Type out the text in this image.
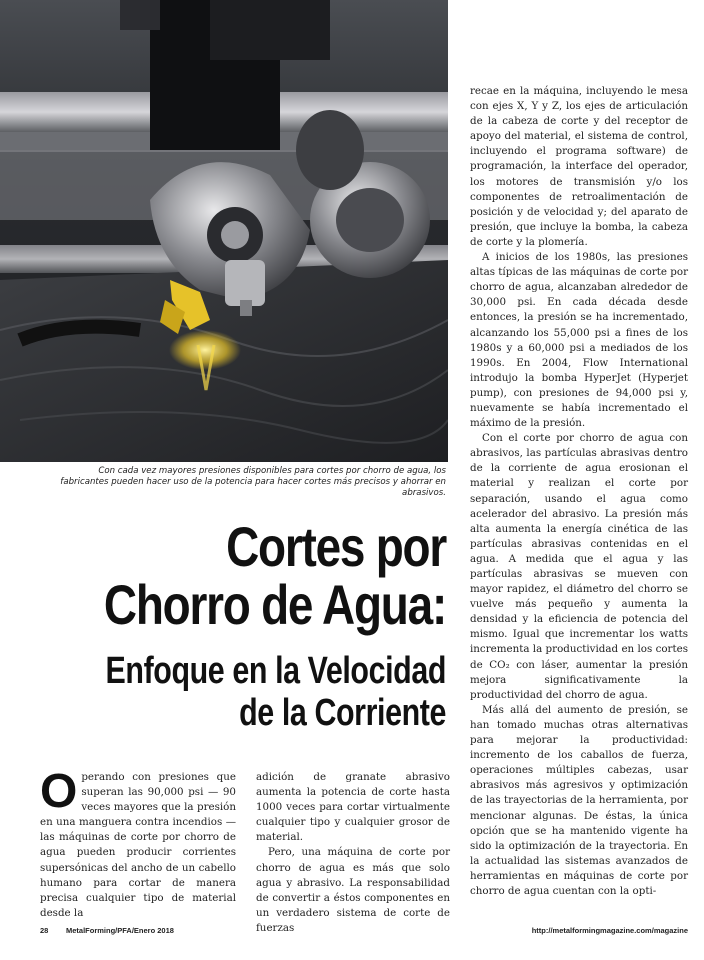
Con cada vez mayores presiones disponibles para cortes por chorro de agua, los fabricantes pueden hacer uso de la potencia para hacer cortes más precisos y ahorrar en abrasivos.

Cortes por
Chorro de Agua:
Enfoque en la Velocidad
de la Corriente

recae en la máquina, incluyendo le mesa con ejes X, Y y Z, los ejes de articulación de la cabeza de corte y del receptor de apoyo del material, el sistema de control, incluyendo el programa software) de programación, la interface del operador, los motores de transmisión y/o los componentes de retroalimentación de posición y de velocidad y; del aparato de presión, que incluye la bomba, la cabeza de corte y la plomería.

A inicios de los 1980s, las presiones altas típicas de las máquinas de corte por chorro de agua, alcanzaban alrededor de 30,000 psi. En cada década desde entonces, la presión se ha incrementado, alcanzando los 55,000 psi a fines de los 1980s y a 60,000 psi a mediados de los 1990s. En 2004, Flow International introdujo la bomba HyperJet (Hyperjet pump), con presiones de 94,000 psi y, nuevamente se había incrementado el máximo de la presión.

Con el corte por chorro de agua con abrasivos, las partículas abrasivas dentro de la corriente de agua erosionan el material y realizan el corte por separación, usando el agua como acelerador del abrasivo. La presión más alta aumenta la energía cinética de las partículas abrasivas contenidas en el agua. A medida que el agua y las partículas abrasivas se mueven con mayor rapidez, el diámetro del chorro se vuelve más pequeño y aumenta la densidad y la eficiencia de potencia del mismo. Igual que incrementar los watts incrementa la productividad en los cortes de CO₂ con láser, aumentar la presión mejora significativamente la productividad del chorro de agua.

Más allá del aumento de presión, se han tomado muchas otras alternativas para mejorar la productividad: incremento de los caballos de fuerza, operaciones múltiples cabezas, usar abrasivos más agresivos y optimización de las trayectorias de la herramienta, por mencionar algunas. De éstas, la única opción que se ha mantenido vigente ha sido la optimización de la trayectoria. En la actualidad las sistemas avanzados de herramientas en máquinas de corte por chorro de agua cuentan con la opti-

Operando con presiones que superan las 90,000 psi — 90 veces mayores que la presión en una manguera contra incendios — las máquinas de corte por chorro de agua pueden producir corrientes supersónicas del ancho de un cabello humano para cortar de manera precisa cualquier tipo de material desde la

adición de granate abrasivo aumenta la potencia de corte hasta 1000 veces para cortar virtualmente cualquier tipo y cualquier grosor de material.

Pero, una máquina de corte por chorro de agua es más que solo agua y abrasivo. La responsabilidad de convertir a éstos componentes en un verdadero sistema de corte de fuerzas

28 MetalForming/PFA/Enero 2018	http://metalformingmagazine.com/magazine
